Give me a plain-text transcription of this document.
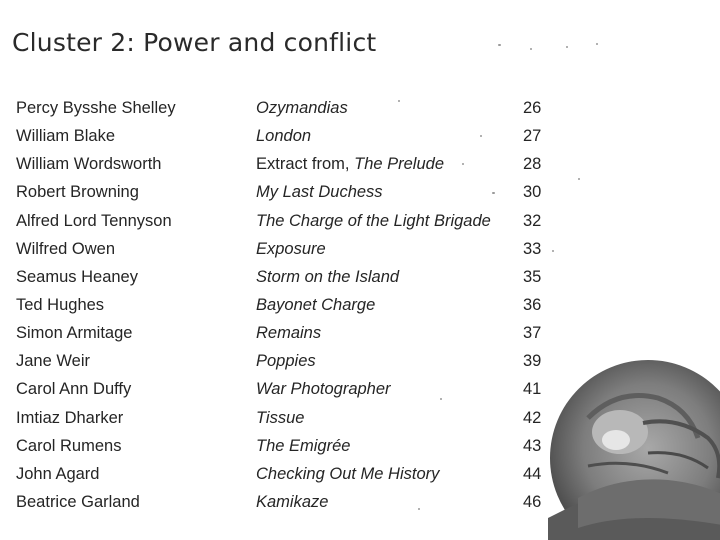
Cluster 2: Power and conflict
Percy Bysshe Shelley	Ozymandias	26
William Blake	London	27
William Wordsworth	Extract from, The Prelude	28
Robert Browning	My Last Duchess	30
Alfred Lord Tennyson	The Charge of the Light Brigade 32
Wilfred Owen	Exposure	33
Seamus Heaney	Storm on the Island	35
Ted Hughes	Bayonet Charge	36
Simon Armitage	Remains	37
Jane Weir	Poppies	39
Carol Ann Duffy	War Photographer	41
Imtiaz Dharker	Tissue	42
Carol Rumens	The Emigrée	43
John Agard	Checking Out Me History	44
Beatrice Garland	Kamikaze	46
